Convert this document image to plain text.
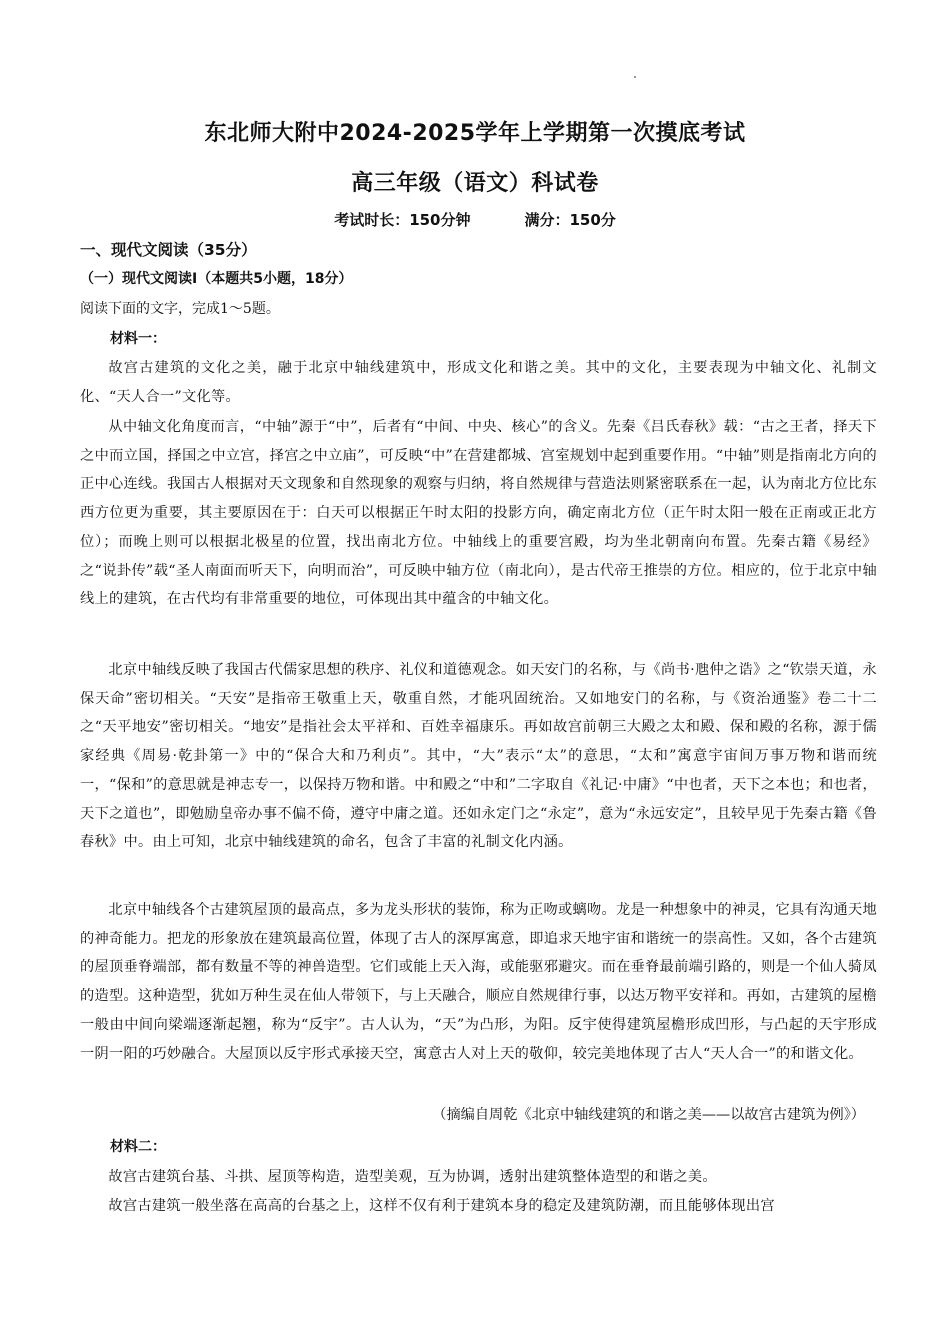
东北师大附中2024-2025学年上学期第一次摸底考试
高三年级（语文）科试卷
考试时长：150分钟	满分：150分
一、现代文阅读（35分）
（一）现代文阅读Ⅰ（本题共5小题，18分）
阅读下面的文字，完成1～5题。
材料一：
故宫古建筑的文化之美，融于北京中轴线建筑中，形成文化和谐之美。其中的文化，主要表现为中轴文化、礼制文化、“天人合一”文化等。
从中轴文化角度而言，“中轴”源于“中”，后者有“中间、中央、核心”的含义。先秦《吕氏春秋》载：“古之王者，择天下之中而立国，择国之中立宫，择宫之中立庙”，可反映“中”在营建都城、宫室规划中起到重要作用。“中轴”则是指南北方向的正中心连线。我国古人根据对天文现象和自然现象的观察与归纳，将自然规律与营造法则紧密联系在一起，认为南北方位比东西方位更为重要，其主要原因在于：白天可以根据正午时太阳的投影方向，确定南北方位（正午时太阳一般在正南或正北方位）；而晚上则可以根据北极星的位置，找出南北方位。中轴线上的重要宫殿，均为坐北朝南向布置。先秦古籍《易经》之“说卦传”载“圣人南面而听天下，向明而治”，可反映中轴方位（南北向），是古代帝王推崇的方位。相应的，位于北京中轴线上的建筑，在古代均有非常重要的地位，可体现出其中蕴含的中轴文化。
北京中轴线反映了我国古代儒家思想的秩序、礼仪和道德观念。如天安门的名称，与《尚书·虺仲之诰》之“钦崇天道，永保天命”密切相关。“天安”是指帝王敬重上天，敬重自然，才能巩固统治。又如地安门的名称，与《资治通鉴》卷二十二之“天平地安”密切相关。“地安”是指社会太平祥和、百姓幸福康乐。再如故宫前朝三大殿之太和殿、保和殿的名称，源于儒家经典《周易·乾卦第一》中的“保合大和乃利贞”。其中，“大”表示“太”的意思，“太和”寓意宇宙间万事万物和谐而统一，“保和”的意思就是神志专一，以保持万物和谐。中和殿之“中和”二字取自《礼记·中庸》“中也者，天下之本也；和也者，天下之道也”，即勉励皇帝办事不偏不倚，遵守中庸之道。还如永定门之“永定”，意为“永远安定”，且较早见于先秦古籍《鲁春秋》中。由上可知，北京中轴线建筑的命名，包含了丰富的礼制文化内涵。
北京中轴线各个古建筑屋顶的最高点，多为龙头形状的装饰，称为正吻或螭吻。龙是一种想象中的神灵，它具有沟通天地的神奇能力。把龙的形象放在建筑最高位置，体现了古人的深厚寓意，即追求天地宇宙和谐统一的崇高性。又如，各个古建筑的屋顶垂脊端部，都有数量不等的神兽造型。它们或能上天入海，或能驱邪避灾。而在垂脊最前端引路的，则是一个仙人骑凤的造型。这种造型，犹如万种生灵在仙人带领下，与上天融合，顺应自然规律行事，以达万物平安祥和。再如，古建筑的屋檐一般由中间向梁端逐渐起翘，称为“反宇”。古人认为，“天”为凸形，为阳。反宇使得建筑屋檐形成凹形，与凸起的天宇形成一阴一阳的巧妙融合。大屋顶以反宇形式承接天空，寓意古人对上天的敬仰，较完美地体现了古人“天人合一”的和谐文化。
（摘编自周乾《北京中轴线建筑的和谐之美——以故宫古建筑为例》）
材料二：
故宫古建筑台基、斗拱、屋顶等构造，造型美观，互为协调，透射出建筑整体造型的和谐之美。
故宫古建筑一般坐落在高高的台基之上，这样不仅有利于建筑本身的稳定及建筑防潮，而且能够体现出宫
